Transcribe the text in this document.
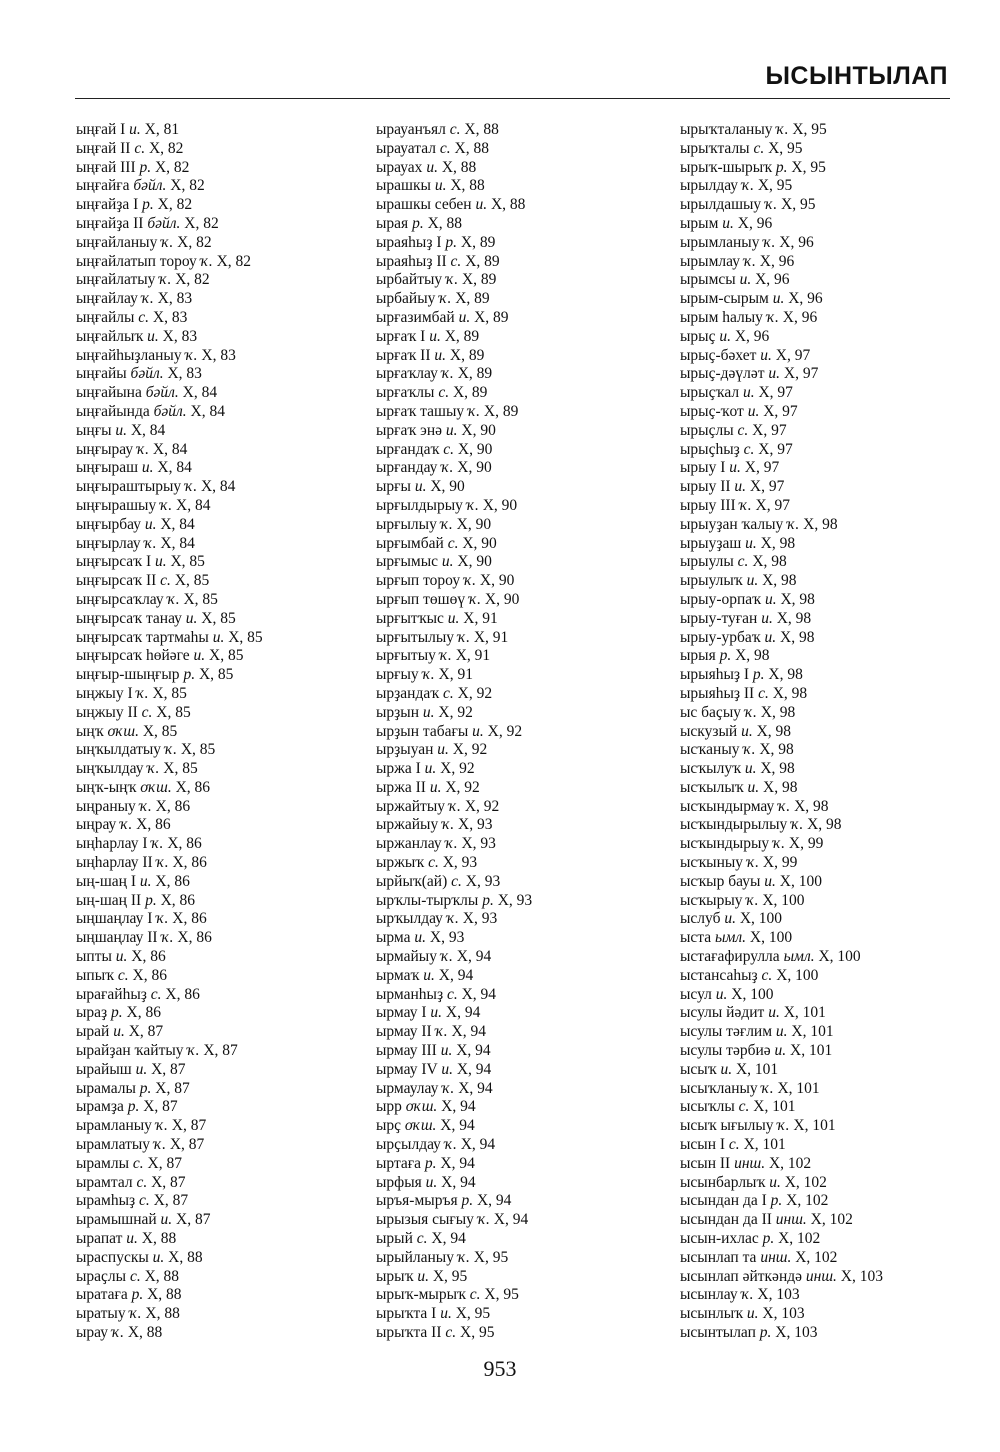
ЫСЫНТЫЛАП
ыңғай I и. X, 81
ыңғай II с. X, 82
ыңғай III р. X, 82
ыңғайға бәйл. X, 82
ыңғайҙа I р. X, 82
ыңғайҙа II бәйл. X, 82
ыңғайланыу ҡ. X, 82
ыңғайлатып тороу ҡ. X, 82
ыңғайлатыу ҡ. X, 82
ыңғайлау ҡ. X, 83
ыңғайлы с. X, 83
ыңғайлыҡ и. X, 83
ыңғайһыҙланыу ҡ. X, 83
ыңғайы бәйл. X, 83
ыңғайына бәйл. X, 84
ыңғайында бәйл. X, 84
ыңғы и. X, 84
ыңғырау ҡ. X, 84
ыңғыраш и. X, 84
ыңғыраштырыу ҡ. X, 84
ыңғырашыу ҡ. X, 84
ыңғырбау и. X, 84
ыңғырлау ҡ. X, 84
ыңғырсаҡ I и. X, 85
ыңғырсаҡ II с. X, 85
ыңғырсаҡлау ҡ. X, 85
ыңғырсаҡ танау и. X, 85
ыңғырсаҡ тартмаһы и. X, 85
ыңғырсаҡ һөйәге и. X, 85
ыңғыр-шыңғыр р. X, 85
ыңжыу I ҡ. X, 85
ыңжыу II с. X, 85
ыңҡ оҡш. X, 85
ыңҡылдатыу ҡ. X, 85
ыңҡылдау ҡ. X, 85
ыңҡ-ыңҡ оҡш. X, 86
ыңраныу ҡ. X, 86
ыңрау ҡ. X, 86
ыңһарлау I ҡ. X, 86
ыңһарлау II ҡ. X, 86
ың-шаң I и. X, 86
ың-шаң II р. X, 86
ыңшаңлау I ҡ. X, 86
ыңшаңлау II ҡ. X, 86
ыпты и. X, 86
ыпыҡ с. X, 86
ырағайһыҙ с. X, 86
ыраҙ р. X, 86
ырай и. X, 87
ырайҙан ҡайтыу ҡ. X, 87
ырайыш и. X, 87
ырамалы р. X, 87
ырамҙа р. X, 87
ырамланыу ҡ. X, 87
ырамлатыу ҡ. X, 87
ырамлы с. X, 87
ырамтал с. X, 87
ырамһыҙ с. X, 87
ырамышнай и. X, 87
ырапат и. X, 88
ыраспускы и. X, 88
ыраҫлы с. X, 88
ыратаға р. X, 88
ыратыу ҡ. X, 88
ырау ҡ. X, 88
ырауанъял с. X, 88
ырауатал с. X, 88
ырауах и. X, 88
ырашкы и. X, 88
ырашкы себен и. X, 88
ырая р. X, 88
ыраяһыҙ I р. X, 89
ыраяһыҙ II с. X, 89
ырбайтыу ҡ. X, 89
ырбайыу ҡ. X, 89
ырғазимбай и. X, 89
ырғаҡ I и. X, 89
ырғаҡ II и. X, 89
ырғаҡлау ҡ. X, 89
ырғаҡлы с. X, 89
ырғаҡ ташыу ҡ. X, 89
ырғаҡ энә и. X, 90
ырғандаҡ с. X, 90
ырғандау ҡ. X, 90
ырғы и. X, 90
ырғылдырыу ҡ. X, 90
ырғылыу ҡ. X, 90
ырғымбай с. X, 90
ырғымыс и. X, 90
ырғып тороу ҡ. X, 90
ырғып төшөү ҡ. X, 90
ырғытҡыс и. X, 91
ырғытылыу ҡ. X, 91
ырғытыу ҡ. X, 91
ырғыу ҡ. X, 91
ырҙандаҡ с. X, 92
ырҙын и. X, 92
ырҙын табағы и. X, 92
ырҙыуан и. X, 92
ыржа I и. X, 92
ыржа II и. X, 92
ыржайтыу ҡ. X, 92
ыржайыу ҡ. X, 93
ыржанлау ҡ. X, 93
ыржыҡ с. X, 93
ырйыҡ(ай) с. X, 93
ырҡлы-тырҡлы р. X, 93
ырҡылдау ҡ. X, 93
ырма и. X, 93
ырмайыу ҡ. X, 94
ырмаҡ и. X, 94
ырманһыҙ с. X, 94
ырмау I и. X, 94
ырмау II ҡ. X, 94
ырмау III и. X, 94
ырмау IV и. X, 94
ырмаулау ҡ. X, 94
ырр оҡш. X, 94
ырҫ оҡш. X, 94
ырҫылдау ҡ. X, 94
ыртаға р. X, 94
ырфыя и. X, 94
ыръя-мыръя р. X, 94
ырызыя сығыу ҡ. X, 94
ырый с. X, 94
ырыйланыу ҡ. X, 95
ырыҡ и. X, 95
ырыҡ-мырыҡ с. X, 95
ырыҡта I и. X, 95
ырыҡта II с. X, 95
ырыҡталаныу ҡ. X, 95
ырыҡталы с. X, 95
ырыҡ-шырыҡ р. X, 95
ырылдау ҡ. X, 95
ырылдашыу ҡ. X, 95
ырым и. X, 96
ырымланыу ҡ. X, 96
ырымлау ҡ. X, 96
ырымсы и. X, 96
ырым-сырым и. X, 96
ырым һалыу ҡ. X, 96
ырыҫ и. X, 96
ырыҫ-бәхет и. X, 97
ырыҫ-дәүләт и. X, 97
ырыҫҡал и. X, 97
ырыҫ-ҡот и. X, 97
ырыҫлы с. X, 97
ырыҫһыҙ с. X, 97
ырыу I и. X, 97
ырыу II и. X, 97
ырыу III ҡ. X, 97
ырыуҙан ҡалыу ҡ. X, 98
ырыуҙаш и. X, 98
ырыулы с. X, 98
ырыулыҡ и. X, 98
ырыу-орпаҡ и. X, 98
ырыу-туған и. X, 98
ырыу-урбаҡ и. X, 98
ырыя р. X, 98
ырыяһыҙ I р. X, 98
ырыяһыҙ II с. X, 98
ыс баҫыу ҡ. X, 98
ыскузый и. X, 98
ысҡаныу ҡ. X, 98
ысҡылуҡ и. X, 98
ысҡылыҡ и. X, 98
ысҡындырмау ҡ. X, 98
ысҡындырылыу ҡ. X, 98
ысҡындырыу ҡ. X, 99
ысҡыныу ҡ. X, 99
ысҡыр бауы и. X, 100
ысҡырыу ҡ. X, 100
ыслуб и. X, 100
ыста ымл. X, 100
ыстағафирулла ымл. X, 100
ыстансаһыҙ с. X, 100
ысул и. X, 100
ысулы йәдит и. X, 101
ысулы тәғлим и. X, 101
ысулы тәрбиә и. X, 101
ысыҡ и. X, 101
ысыҡланыу ҡ. X, 101
ысыҡлы с. X, 101
ысыҡ ығылыу ҡ. X, 101
ысын I с. X, 101
ысын II инш. X, 102
ысынбарлыҡ и. X, 102
ысындан да I р. X, 102
ысындан да II инш. X, 102
ысын-ихлас р. X, 102
ысынлап та инш. X, 102
ысынлап әйткәндә инш. X, 103
ысынлау ҡ. X, 103
ысынлыҡ и. X, 103
ысынтылап р. X, 103
953
